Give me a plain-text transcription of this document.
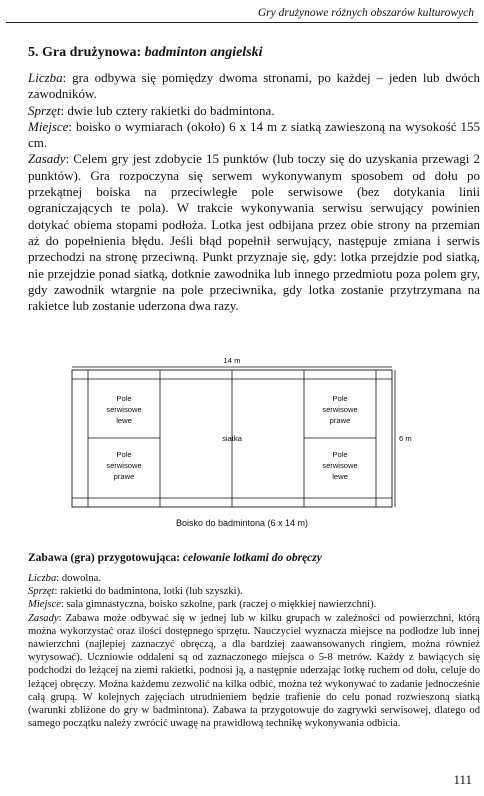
Gry drużynowe różnych obszarów kulturowych
5. Gra drużynowa: badminton angielski

Liczba: gra odbywa się pomiędzy dwoma stronami, po każdej – jeden lub dwóch zawodników.

Sprzęt: dwie lub cztery rakietki do badmintona.

Miejsce: boisko o wymiarach (około) 6 x 14 m z siatką zawieszoną na wysokość 155 cm.

Zasady: Celem gry jest zdobycie 15 punktów (lub toczy się do uzyskania przewagi 2 punktów). Gra rozpoczyna się serwem wykonywanym sposobem od dołu po przekątnej boiska na przeciwległe pole serwisowe (bez dotykania linii ograniczających te pola). W trakcie wykonywania serwisu serwujący powinien dotykać obiema stopami podłoża. Lotka jest odbijana przez obie strony na przemian aż do popełnienia błędu. Jeśli błąd popełnił serwujący, następuje zmiana i serwis przechodzi na stronę przeciwną. Punkt przyznaje się, gdy: lotka przejdzie pod siatką, nie przejdzie ponad siatką, dotknie zawodnika lub innego przedmiotu poza polem gry, gdy zawodnik wtargnie na pole przeciwnika, gdy lotka zostanie przytrzymana na rakietce lub zostanie uderzona dwa razy.

14 m
siatka	6 m
Pole
serwisowe
lewe
Pole
serwisowe
prawe
Pole
serwisowe
prawe
Pole
serwisowe
lewe
Boisko do badmintona (6 x 14 m)
Zabawa (gra) przygotowująca: celowanie lotkami do obręczy

Liczba: dowolna.

Sprzęt: rakietki do badmintona, lotki (lub szyszki).

Miejsce: sala gimnastyczna, boisko szkolne, park (raczej o miękkiej nawierzchni).

Zasady: Zabawa może odbywać się w jednej lub w kilku grupach w zależności od powierzchni, którą można wykorzystać oraz ilości dostępnego sprzętu. Nauczyciel wyznacza miejsce na podłodze lub innej nawierzchni (najlepiej zaznaczyć obręczą, a dla bardziej zaawansowanych ringiem, można również wyrysować). Uczniowie oddaleni są od zaznaczonego miejsca o 5-8 metrów. Każdy z bawiących się podchodzi do leżącej na ziemi rakietki, podnosi ją, a następnie uderzając lotkę ruchem od dołu, celuje do leżącej obręczy. Można każdemu zezwolić na kilka odbić, można też wykonywać to zadanie jednocześnie całą grupą. W kolejnych zajęciach utrudnieniem będzie trafienie do celu ponad rozwieszoną siatką (warunki zbliżone do gry w badmintona). Zabawa ta przygotowuje do zagrywki serwisowej, dlatego od samego początku należy zwrócić uwagę na prawidłową technikę wykonywania odbicia.

111
